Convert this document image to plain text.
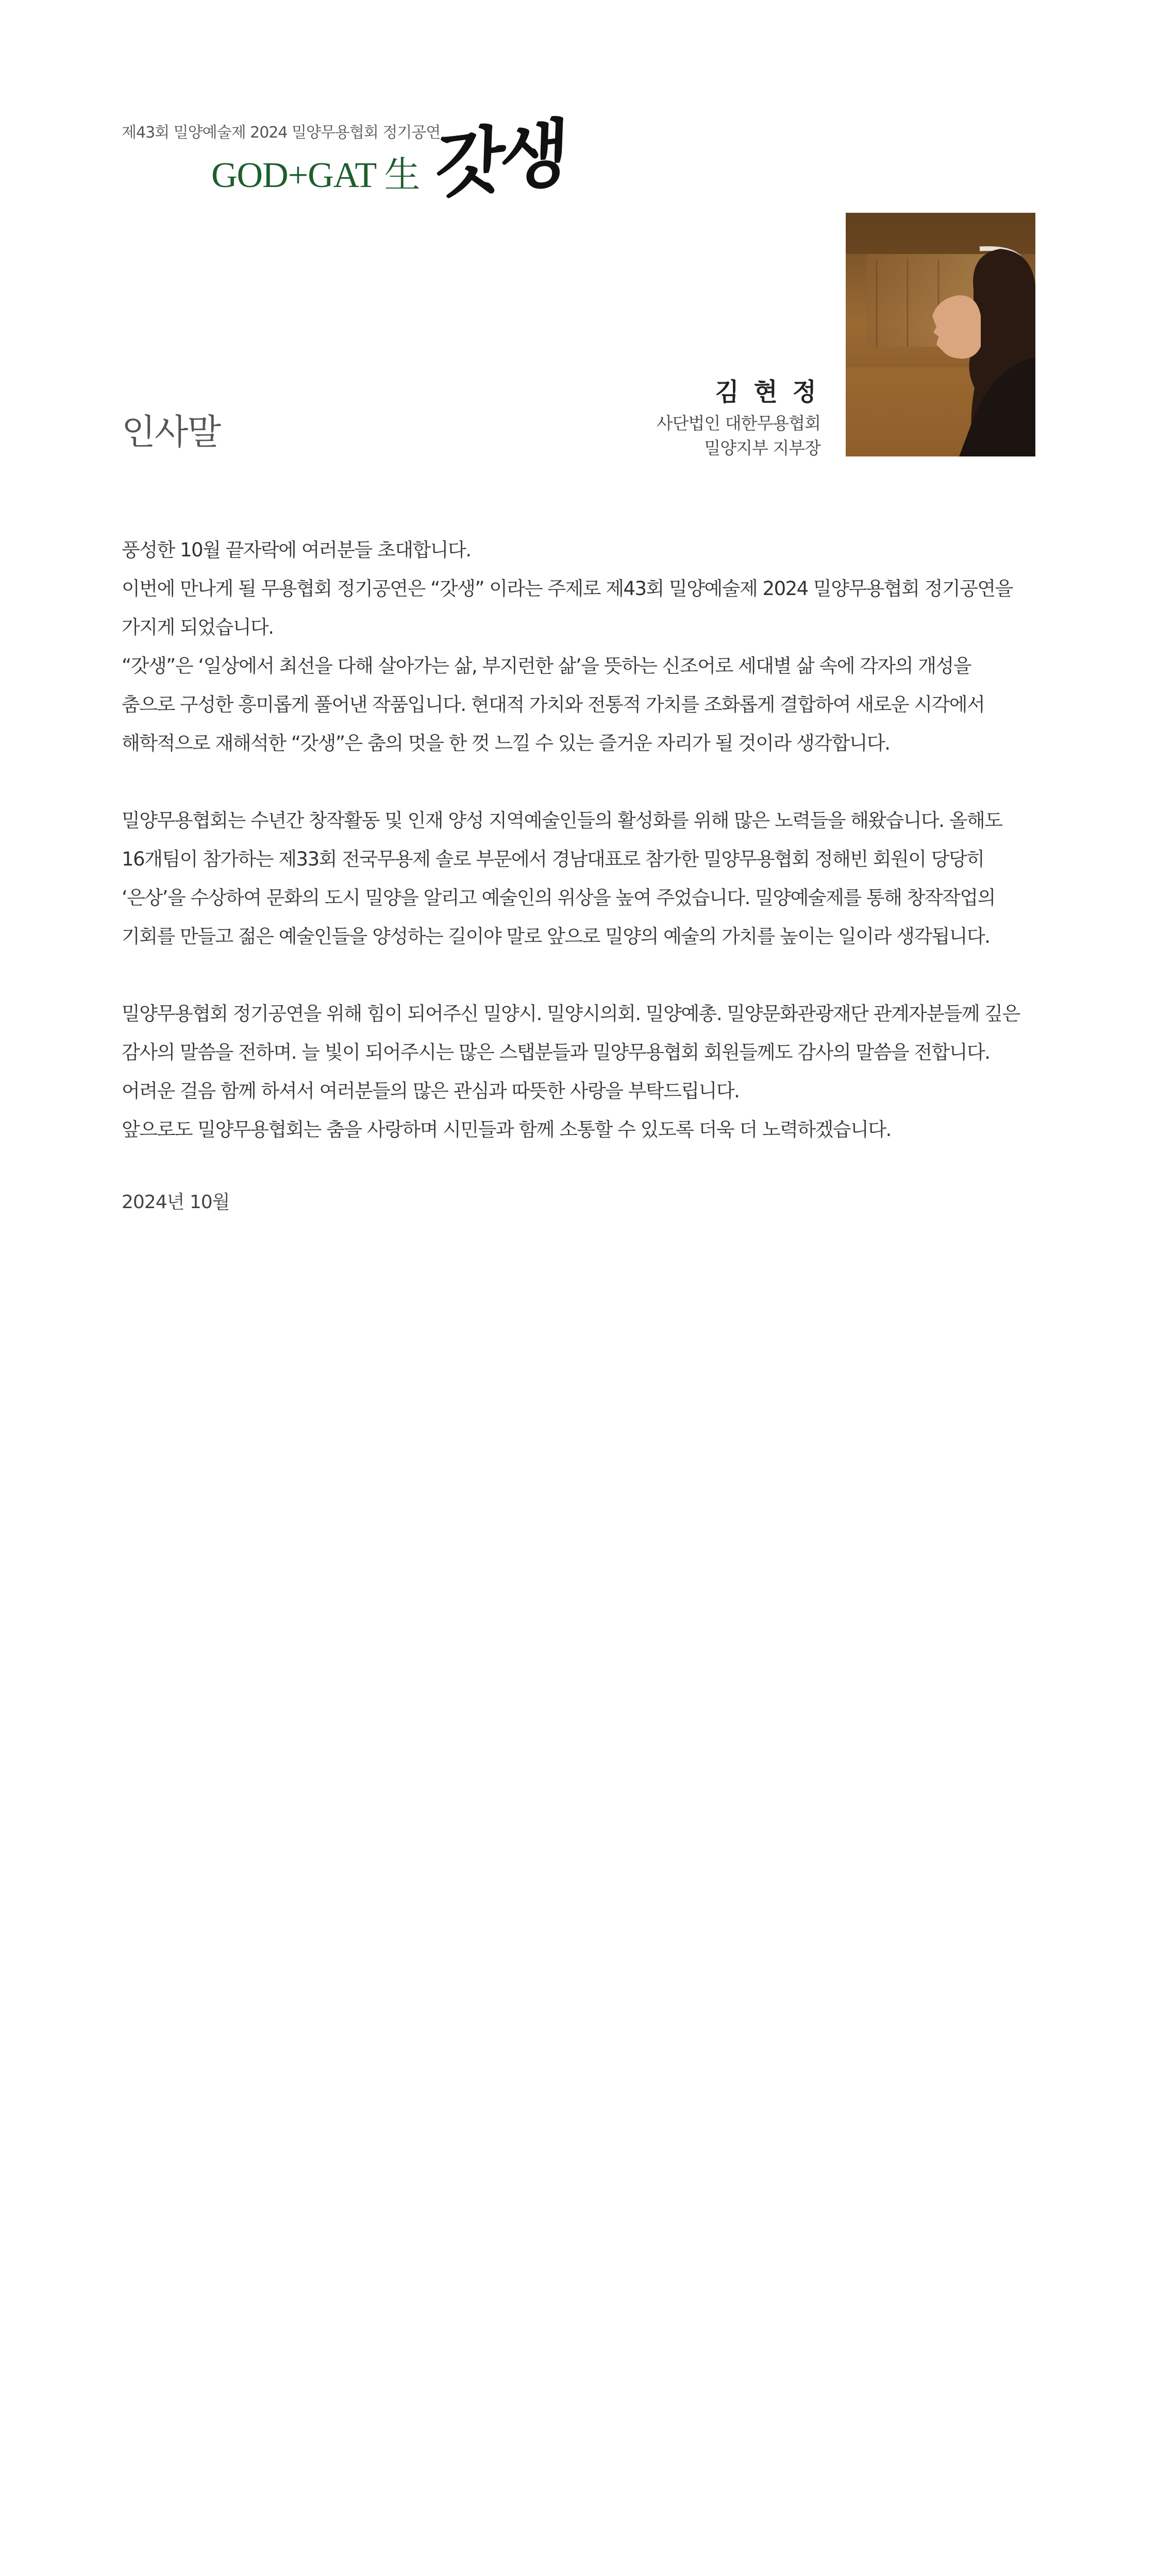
제43회 밀양예술제 2024 밀양무용협회 정기공연
GOD+GAT 生 갓생
인사말
김 현 정
사단법인 대한무용협회
밀양지부 지부장
풍성한 10월 끝자락에 여러분들 초대합니다.
이번에 만나게 될 무용협회 정기공연은 “갓생” 이라는 주제로 제43회 밀양예술제 2024 밀양무용협회 정기공연을
가지게 되었습니다.
“갓생”은 ‘일상에서 최선을 다해 살아가는 삶, 부지런한 삶’을 뜻하는 신조어로 세대별 삶 속에 각자의 개성을
춤으로 구성한 흥미롭게 풀어낸 작품입니다. 현대적 가치와 전통적 가치를 조화롭게 결합하여 새로운 시각에서
해학적으로 재해석한 “갓생”은 춤의 멋을 한 껏 느낄 수 있는 즐거운 자리가 될 것이라 생각합니다.
밀양무용협회는 수년간 창작활동 및 인재 양성 지역예술인들의 활성화를 위해 많은 노력들을 해왔습니다. 올해도
16개팀이 참가하는 제33회 전국무용제 솔로 부문에서 경남대표로 참가한 밀양무용협회 정해빈 회원이 당당히
‘은상’을 수상하여 문화의 도시 밀양을 알리고 예술인의 위상을 높여 주었습니다. 밀양예술제를 통해 창작작업의
기회를 만들고 젊은 예술인들을 양성하는 길이야 말로 앞으로 밀양의 예술의 가치를 높이는 일이라 생각됩니다.
밀양무용협회 정기공연을 위해 힘이 되어주신 밀양시. 밀양시의회. 밀양예총. 밀양문화관광재단 관계자분들께 깊은
감사의 말씀을 전하며. 늘 빛이 되어주시는 많은 스탭분들과 밀양무용협회 회원들께도 감사의 말씀을 전합니다.
어려운 걸음 함께 하셔서 여러분들의 많은 관심과 따뜻한 사랑을 부탁드립니다.
앞으로도 밀양무용협회는 춤을 사랑하며 시민들과 함께 소통할 수 있도록 더욱 더 노력하겠습니다.
2024년 10월
